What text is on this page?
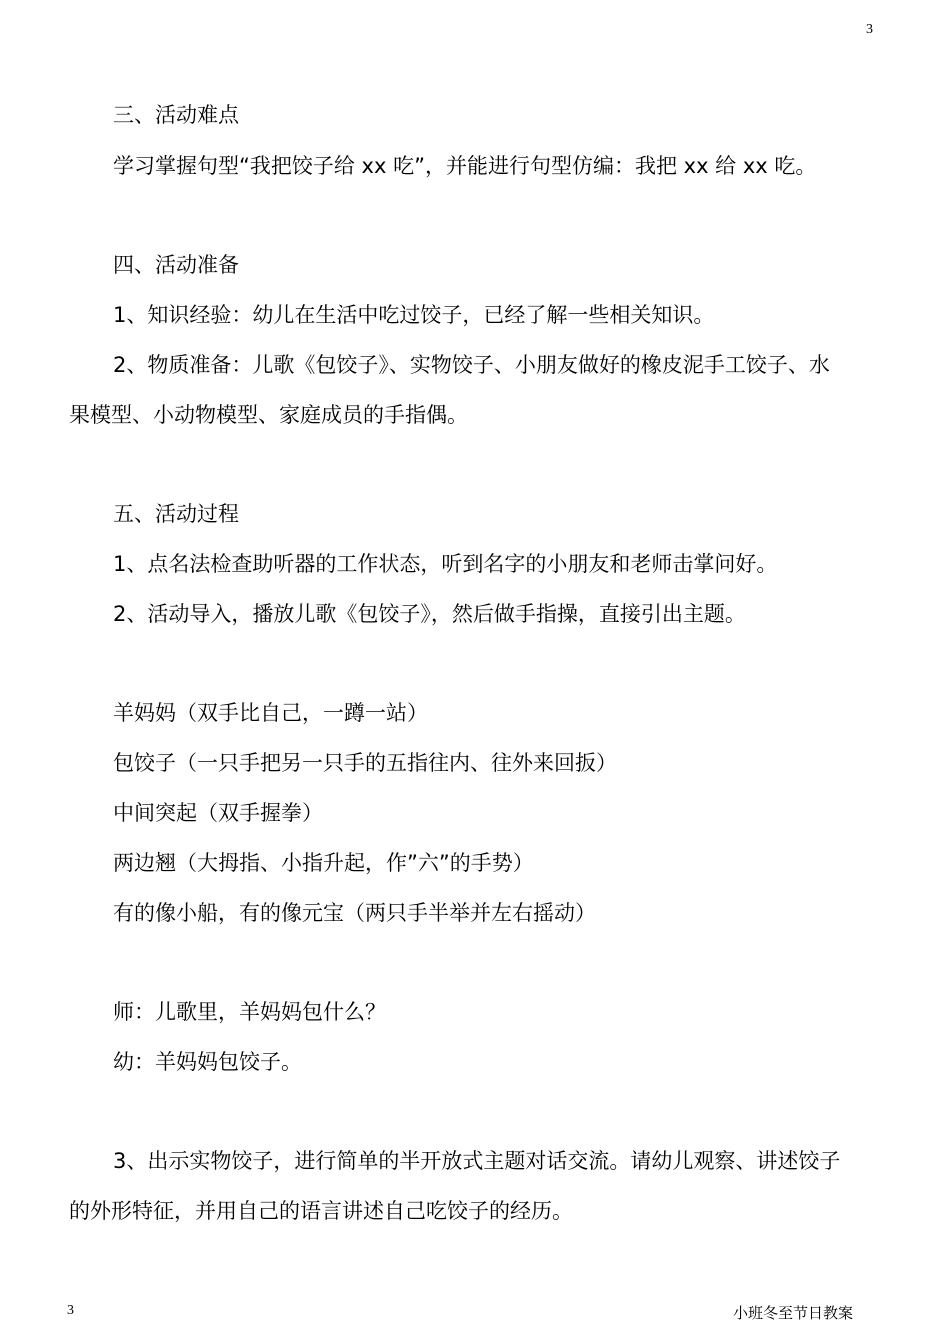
3
三、活动难点
学习掌握句型“我把饺子给 xx 吃”，并能进行句型仿编：我把 xx 给 xx 吃。
四、活动准备
1、知识经验：幼儿在生活中吃过饺子，已经了解一些相关知识。
2、物质准备：儿歌《包饺子》、实物饺子、小朋友做好的橡皮泥手工饺子、水
果模型、小动物模型、家庭成员的手指偶。
五、活动过程
1、点名法检查助听器的工作状态，听到名字的小朋友和老师击掌问好。
2、活动导入，播放儿歌《包饺子》，然后做手指操，直接引出主题。
羊妈妈（双手比自己，一蹲一站）
包饺子（一只手把另一只手的五指往内、往外来回扳）
中间突起（双手握拳）
两边翘（大拇指、小指升起，作”六”的手势）
有的像小船，有的像元宝（两只手半举并左右摇动）
师：儿歌里，羊妈妈包什么？
幼：羊妈妈包饺子。
3、出示实物饺子，进行简单的半开放式主题对话交流。请幼儿观察、讲述饺子
的外形特征，并用自己的语言讲述自己吃饺子的经历。
3	小班冬至节日教案
